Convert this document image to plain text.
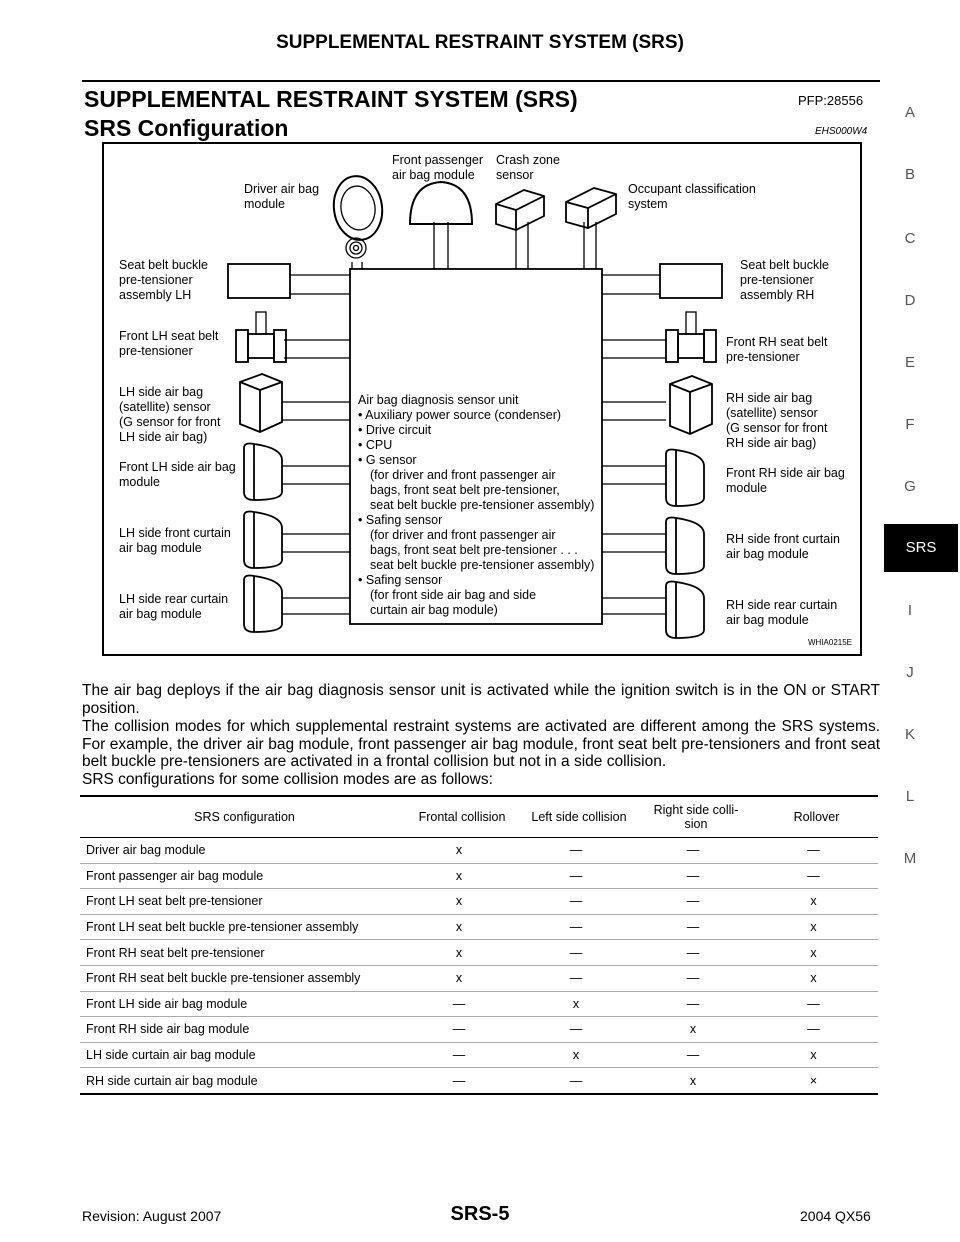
SUPPLEMENTAL RESTRAINT SYSTEM (SRS)
A
B
C
D
E
F
G
SRS
I
J
K
L
M
SUPPLEMENTAL RESTRAINT SYSTEM (SRS)	PFP:28556
SRS Configuration	EHS000W4
Driver air bag
module
Front passenger
air bag module
Crash zone
sensor
Occupant classification
system
Seat belt buckle
pre-tensioner
assembly LH
Front LH seat belt
pre-tensioner
LH side air bag
(satellite) sensor
(G sensor for front
LH side air bag)
Front LH side air bag
module
LH side front curtain
air bag module
LH side rear curtain
air bag module
Seat belt buckle
pre-tensioner
assembly RH
Front RH seat belt
pre-tensioner
RH side air bag
(satellite) sensor
(G sensor for front
RH side air bag)
Front RH side air bag
module
RH side front curtain
air bag module
RH side rear curtain
air bag module
Air bag diagnosis sensor unit
• Auxiliary power source (condenser)
• Drive circuit
• CPU
• G sensor
(for driver and front passenger air
bags, front seat belt pre-tensioner,
seat belt buckle pre-tensioner assembly)
• Safing sensor
(for driver and front passenger air
bags, front seat belt pre-tensioner . . .
seat belt buckle pre-tensioner assembly)
• Safing sensor
(for front side air bag and side
curtain air bag module)
WHIA0215E
The air bag deploys if the air bag diagnosis sensor unit is activated while the ignition switch is in the ON or START position.
The collision modes for which supplemental restraint systems are activated are different among the SRS systems. For example, the driver air bag module, front passenger air bag module, front seat belt pre-tensioners and front seat belt buckle pre-tensioners are activated in a frontal collision but not in a side collision.
SRS configurations for some collision modes are as follows:
SRS configuration	Frontal collision	Left side collision	Right side colli-
sion	Rollover
Driver air bag module	x	—	—	—
Front passenger air bag module	x	—	—	—
Front LH seat belt pre-tensioner	x	—	—	x
Front LH seat belt buckle pre-tensioner assembly	x	—	—	x
Front RH seat belt pre-tensioner	x	—	—	x
Front RH seat belt buckle pre-tensioner assembly	x	—	—	x
Front LH side air bag module	—	x	—	—
Front RH side air bag module	—	—	x	—
LH side curtain air bag module	—	x	—	x
RH side curtain air bag module	—	—	x	×
Revision: August 2007	SRS-5	2004 QX56
